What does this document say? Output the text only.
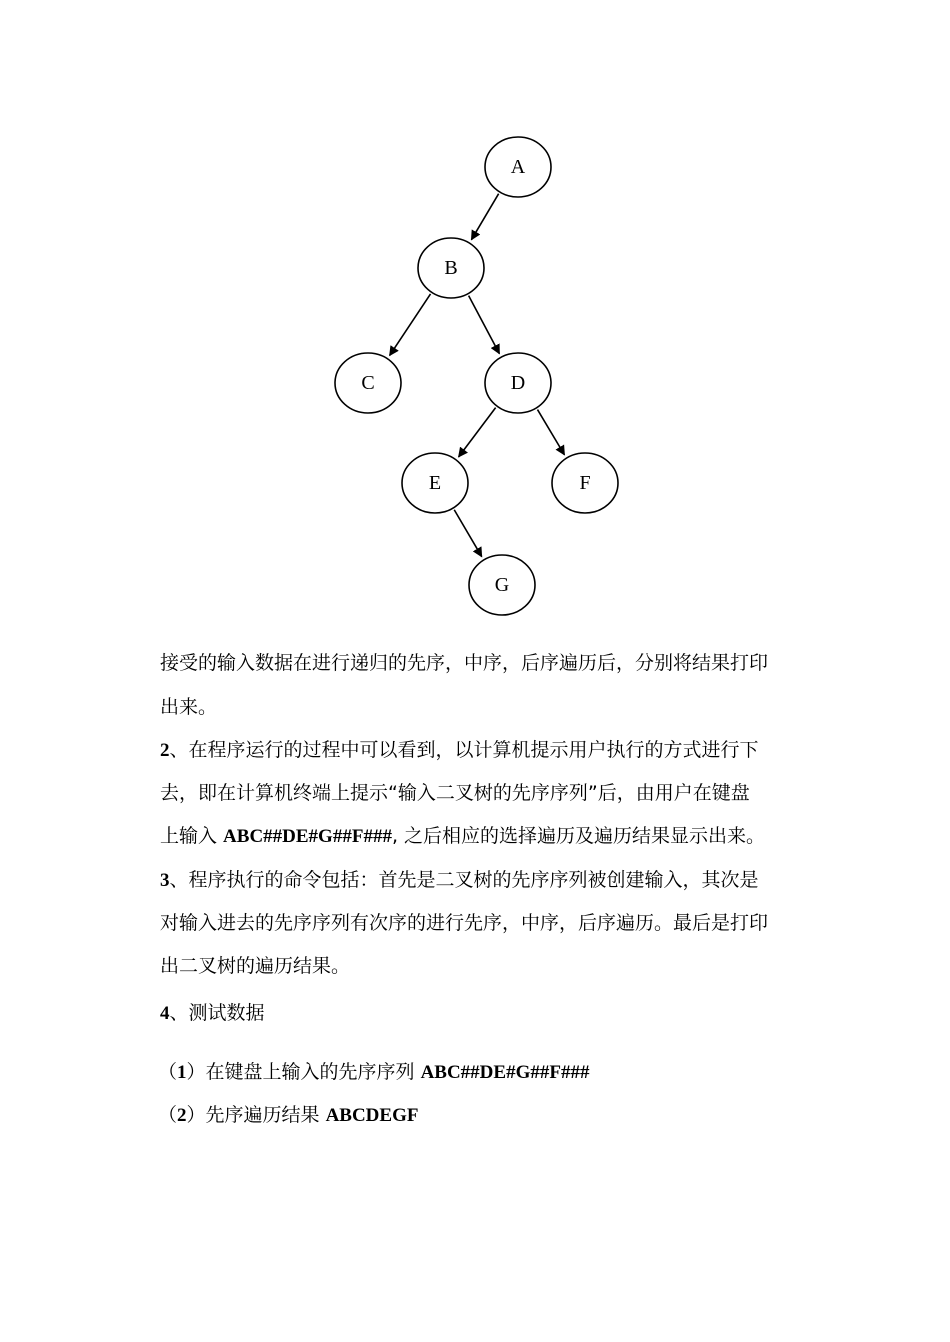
A
B
C	D
E	F
G
接受的输入数据在进行递归的先序，中序，后序遍历后，分别将结果打印
出来。
2、在程序运行的过程中可以看到，以计算机提示用户执行的方式进行下
去，即在计算机终端上提示“输入二叉树的先序序列”后，由用户在键盘
上输入 ABC##DE#G##F###, 之后相应的选择遍历及遍历结果显示出来。
3、程序执行的命令包括：首先是二叉树的先序序列被创建输入，其次是
对输入进去的先序序列有次序的进行先序，中序，后序遍历。最后是打印
出二叉树的遍历结果。
4、测试数据
（1）在键盘上输入的先序序列 ABC##DE#G##F###
（2）先序遍历结果 ABCDEGF
